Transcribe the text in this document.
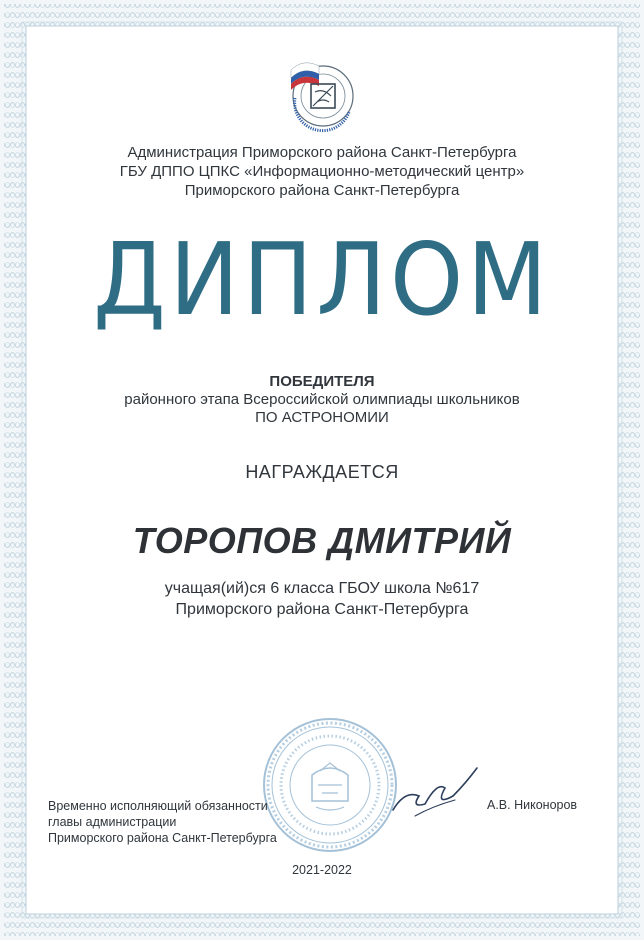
Администрация Приморского района Санкт-Петербурга
ГБУ ДППО ЦПКС «Информационно-методический центр»
Приморского района Санкт-Петербурга
ДИПЛОМ
ПОБЕДИТЕЛЯ
районного этапа Всероссийской олимпиады школьников
ПО АСТРОНОМИИ
НАГРАЖДАЕТСЯ
ТОРОПОВ ДМИТРИЙ
учащая(ий)ся 6 класса ГБОУ школа №617
Приморского района Санкт-Петербурга
Временно исполняющий обязанности
главы администрации
Приморского района Санкт-Петербурга
А.В. Никоноров
2021-2022
